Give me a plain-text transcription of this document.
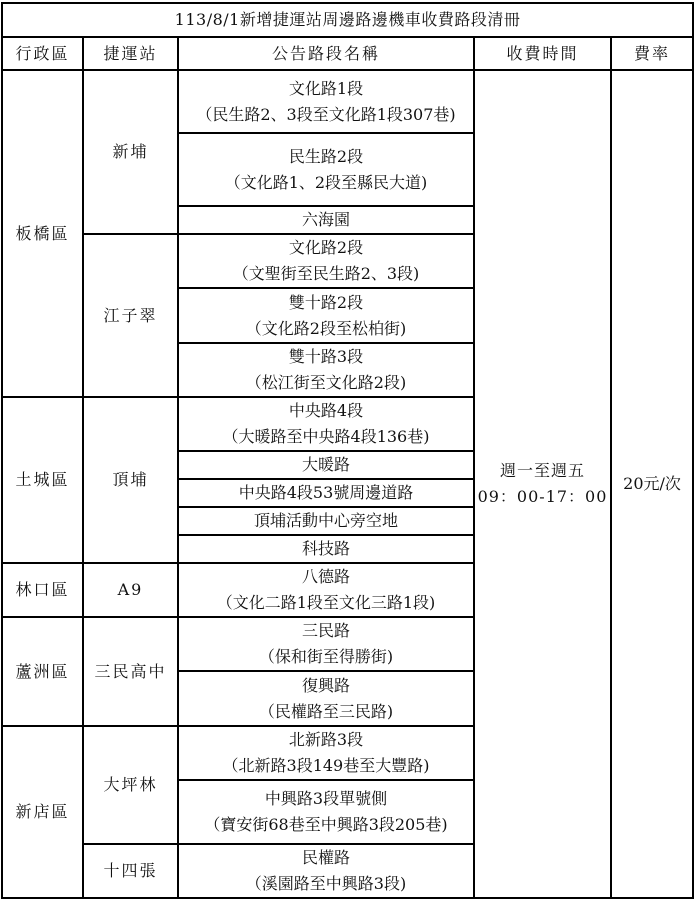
113/8/1新增捷運站周邊路邊機車收費路段清冊				
行政區	捷運站	公告路段名稱	收費時間	費率
板橋區	新埔	文化路1段
（民生路2、3段至文化路1段307巷)	週一至週五
09：00-17：00	20元/次

		民生路2段
（文化路1、2段至縣民大道)		

		六海園		

	江子翠	文化路2段
（文聖街至民生路2、3段)		

		雙十路2段
（文化路2段至松柏街)		

		雙十路3段
（松江街至文化路2段)		

土城區	頂埔	中央路4段
（大暖路至中央路4段136巷)		

		大暖路		

		中央路4段53號周邊道路		

		頂埔活動中心旁空地		

		科技路		

林口區	A9	八德路
（文化二路1段至文化三路1段)		

蘆洲區	三民高中	三民路
（保和街至得勝街)		

		復興路
（民權路至三民路)		

新店區	大坪林	北新路3段
（北新路3段149巷至大豐路)		

		中興路3段單號側
（寶安街68巷至中興路3段205巷)		

	十四張	民權路
（溪園路至中興路3段)		
